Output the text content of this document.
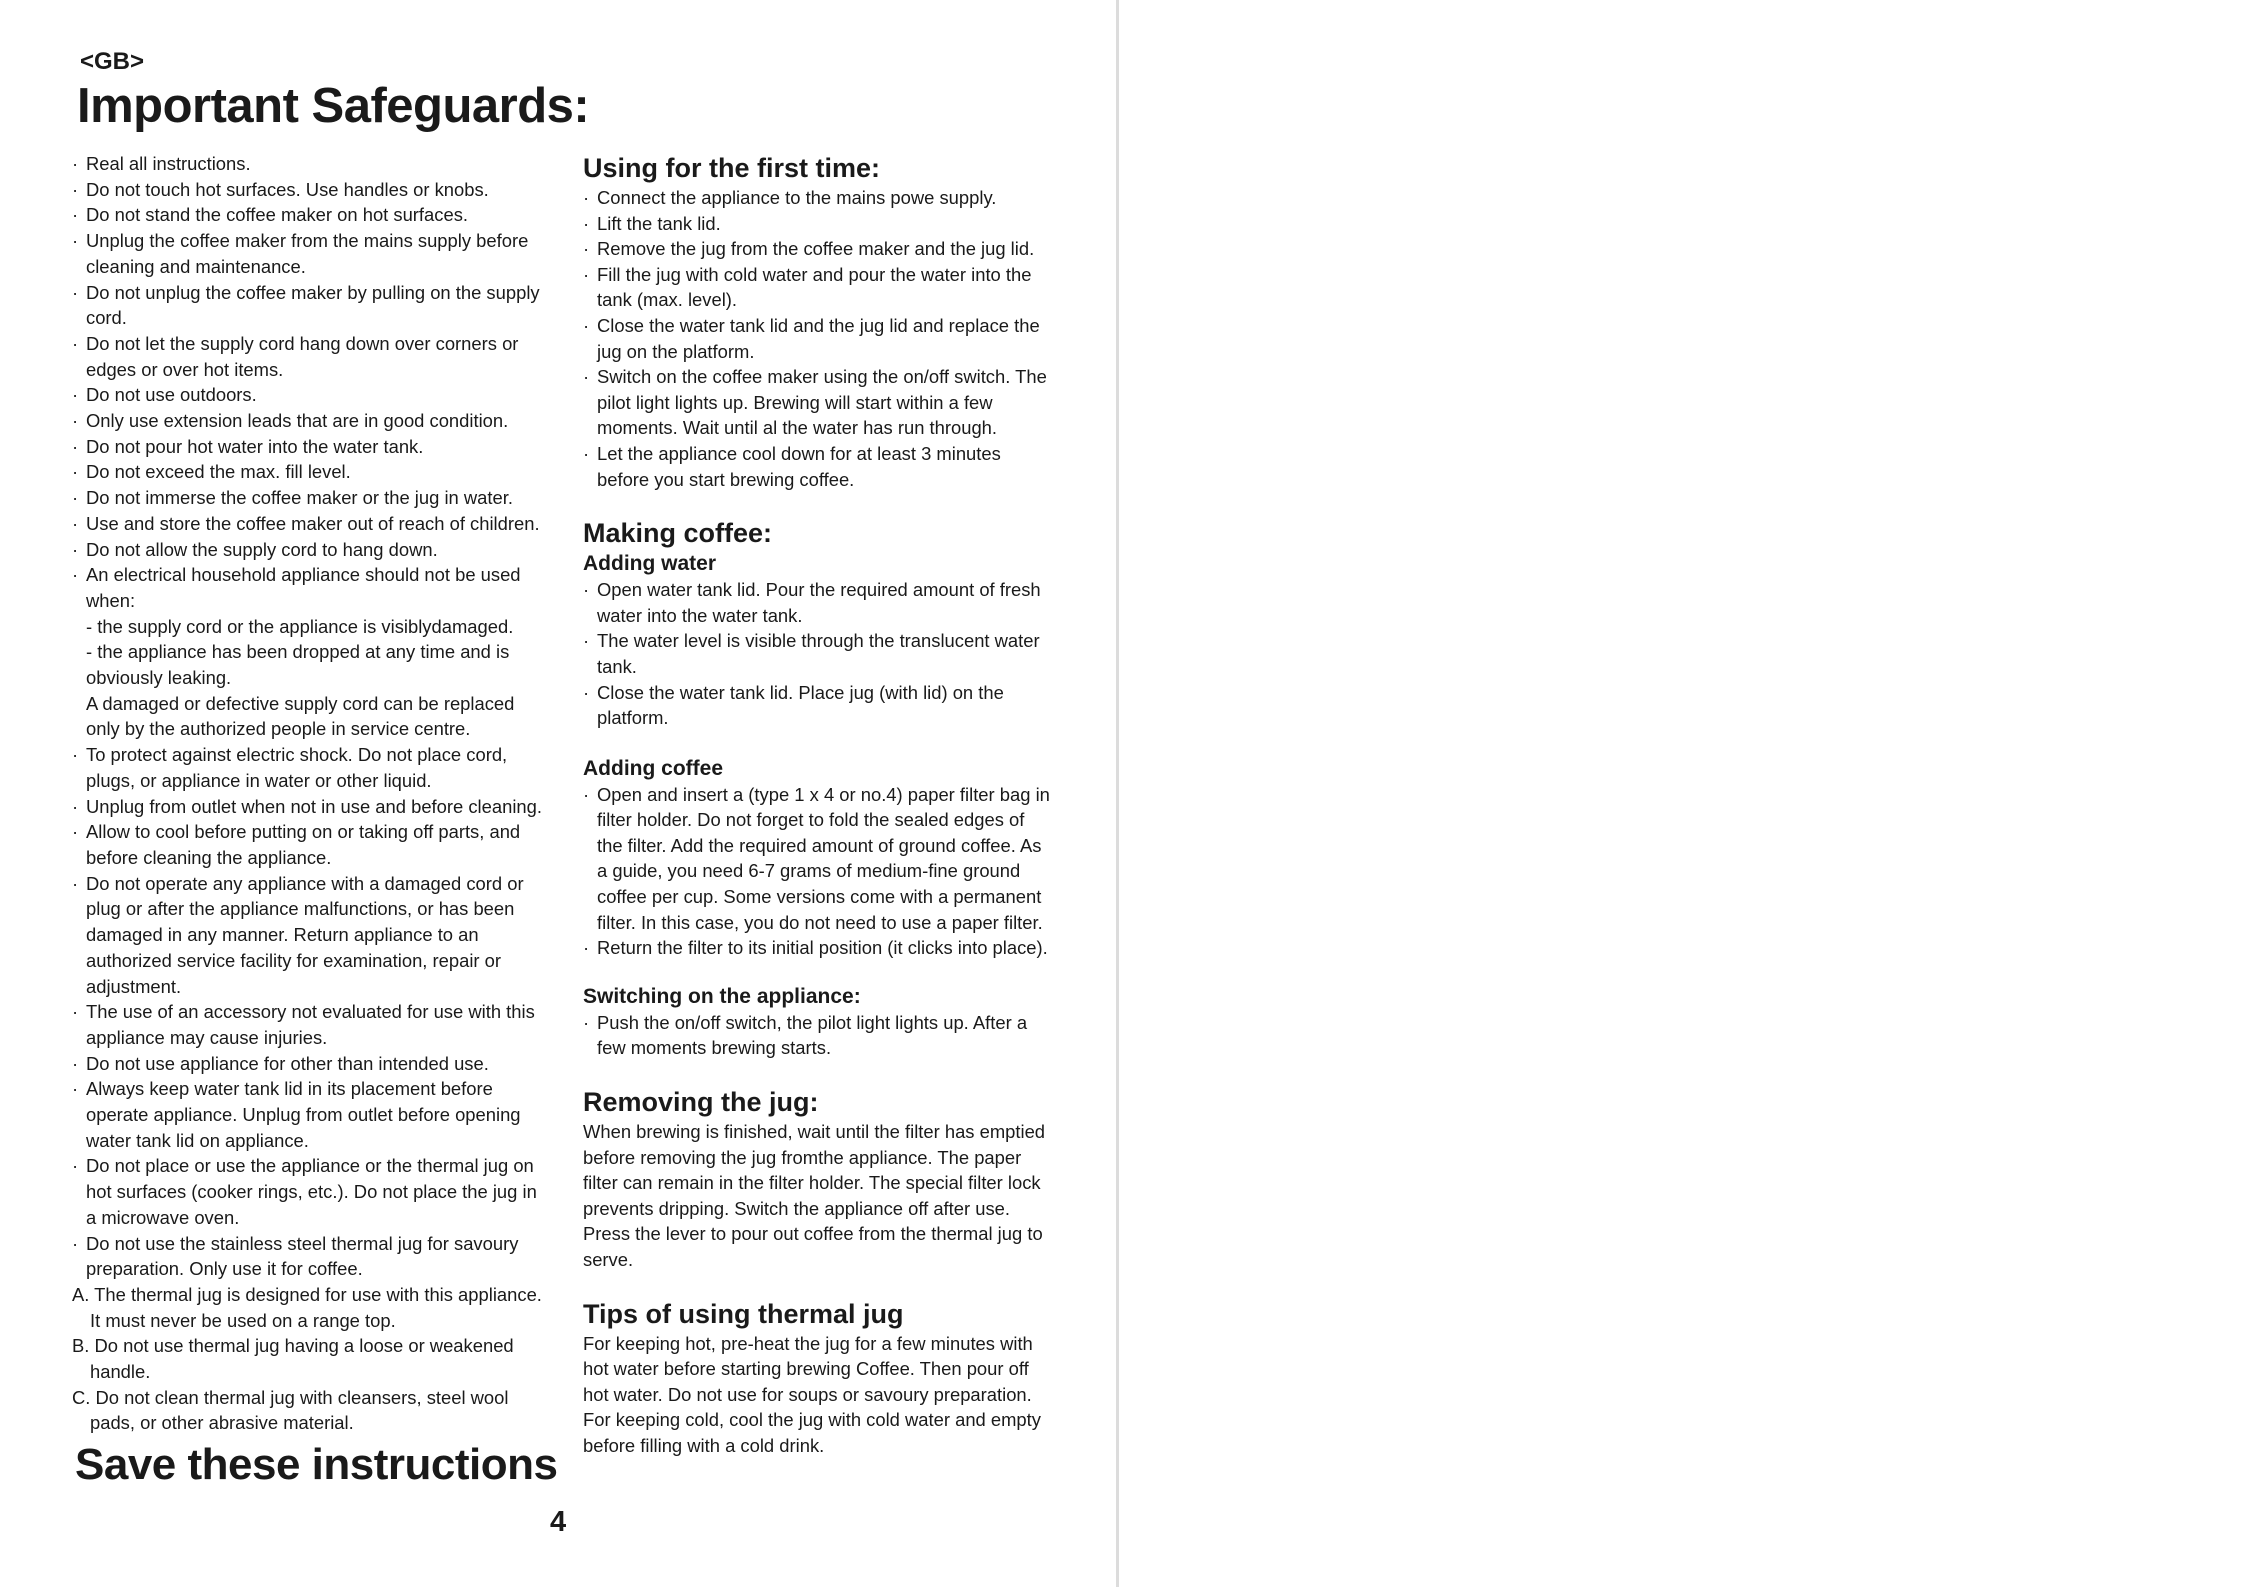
<GB>
Important Safeguards:
· Real all instructions.
· Do not touch hot surfaces. Use handles or knobs.
· Do not stand the coffee maker on hot surfaces.
· Unplug the coffee maker from the mains supply before cleaning and maintenance.
· Do not unplug the coffee maker by pulling on the supply cord.
· Do not let the supply cord hang down over corners or edges or over hot items.
· Do not use outdoors.
· Only use extension leads that are in good condition.
· Do not pour hot water into the water tank.
· Do not exceed the max. fill level.
· Do not immerse the coffee maker or the jug in water.
· Use and store the coffee maker out of reach of children.
· Do not allow the supply cord to hang down.
· An electrical household appliance should not be used when:
- the supply cord or the appliance is visiblydamaged.
- the appliance has been dropped at any time and is obviously leaking.
A damaged or defective supply cord can be replaced only by the authorized people in service centre.
· To protect against electric shock. Do not place cord, plugs, or appliance in water or other liquid.
· Unplug from outlet when not in use and before cleaning.
· Allow to cool before putting on or taking off parts, and before cleaning the appliance.
· Do not operate any appliance with a damaged cord or plug or after the appliance malfunctions, or has been damaged in any manner. Return appliance to an authorized service facility for examination, repair or adjustment.
· The use of an accessory not evaluated for use with this appliance may cause injuries.
· Do not use appliance for other than intended use.
· Always keep water tank lid in its placement before operate appliance. Unplug from outlet before opening water tank lid on appliance.
· Do not place or use the appliance or the thermal jug on hot surfaces (cooker rings, etc.). Do not place the jug in a microwave oven.
· Do not use the stainless steel thermal jug for savoury preparation. Only use it for coffee.
A. The thermal jug is designed for use with this appliance. It must never be used on a range top.
B. Do not use thermal jug having a loose or weakened handle.
C. Do not clean thermal jug with cleansers, steel wool pads, or other abrasive material.
Save these instructions
4
Using for the first time:
· Connect the appliance to the mains powe supply.
· Lift the tank lid.
· Remove the jug from the coffee maker and the jug lid.
· Fill the jug with cold water and pour the water into the tank (max. level).
· Close the water tank lid and the jug lid and replace the jug on the platform.
· Switch on the coffee maker using the on/off switch. The pilot light lights up. Brewing will start within a few moments. Wait until al the water has run through.
· Let the appliance cool down for at least 3 minutes before you start brewing coffee.
Making coffee:
Adding water
· Open water tank lid. Pour the required amount of fresh water into the water tank.
· The water level is visible through the translucent water tank.
· Close the water tank lid. Place jug (with lid) on the platform.
Adding coffee
· Open and insert a (type 1 x 4 or no.4) paper filter bag in filter holder. Do not forget to fold the sealed edges of the filter. Add the required amount of ground coffee. As a guide, you need 6-7 grams of medium-fine ground coffee per cup. Some versions come with a permanent filter. In this case, you do not need to use a paper filter.
· Return the filter to its initial position (it clicks into place).
Switching on the appliance:
· Push the on/off switch, the pilot light lights up. After a few moments brewing starts.
Removing the jug:

When brewing is finished, wait until the filter has emptied before removing the jug fromthe appliance. The paper filter can remain in the filter holder. The special filter lock prevents dripping. Switch the appliance off after use. Press the lever to pour out coffee from the thermal jug to serve.

Tips of using thermal jug

For keeping hot, pre-heat the jug for a few minutes with hot water before starting brewing Coffee. Then pour off hot water. Do not use for soups or savoury preparation. For keeping cold, cool the jug with cold water and empty before filling with a cold drink.
